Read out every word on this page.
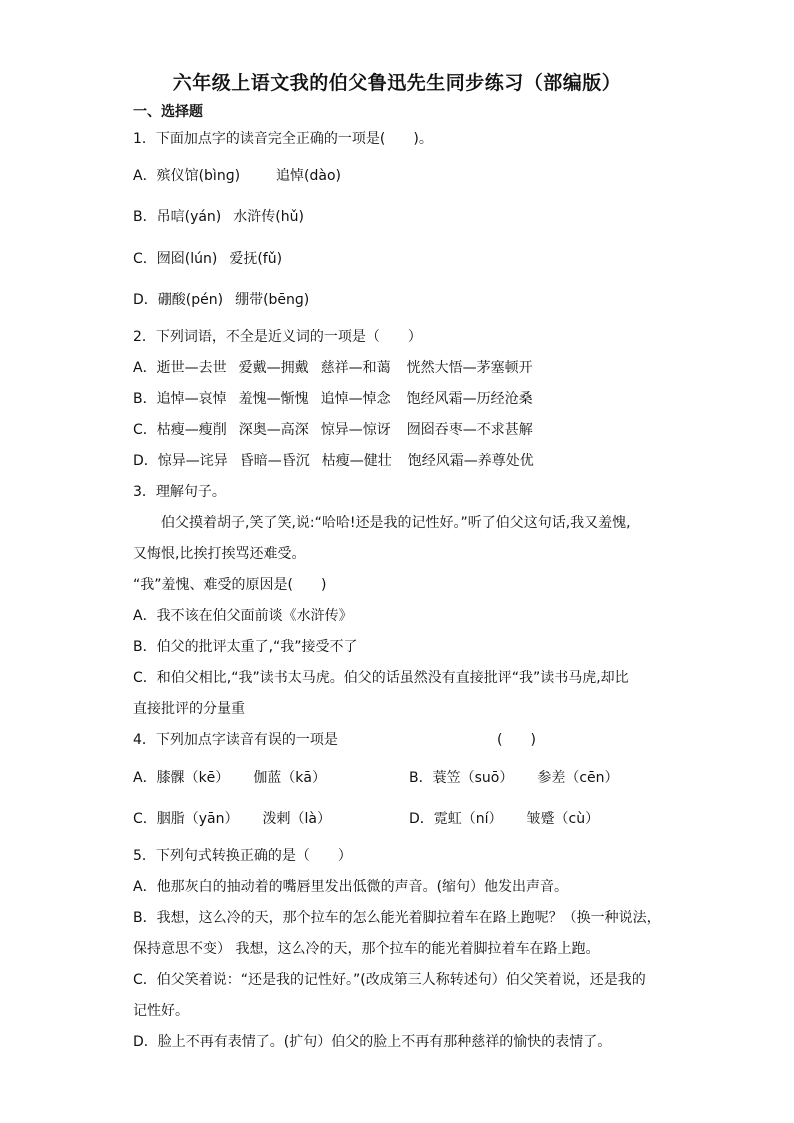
六年级上语文我的伯父鲁迅先生同步练习（部编版）
一、选择题
1．下面加点字的读音完全正确的一项是(　　)。
A．殡仪馆(bìnɡ)	追悼(dào)
B．吊唁(yán) 水浒传(hǔ)
C．囫囵(lún) 爱抚(fǔ)
D．硼酸(pén) 绷带(bēnɡ)
2．下列词语，不全是近义词的一项是（　　）
A．逝世—去世 爱戴—拥戴 慈祥—和蔼 恍然大悟—茅塞顿开
B．追悼—哀悼 羞愧—惭愧 追悼—悼念 饱经风霜—历经沧桑
C．枯瘦—瘦削 深奥—高深 惊异—惊讶 囫囵吞枣—不求甚解
D．惊异—诧异 昏暗—昏沉 枯瘦—健壮 饱经风霜—养尊处优
3．理解句子。
伯父摸着胡子,笑了笑,说:“哈哈!还是我的记性好。”听了伯父这句话,我又羞愧,
又悔恨,比挨打挨骂还难受。
“我”羞愧、难受的原因是(　　)
A．我不该在伯父面前谈《水浒传》
B．伯父的批评太重了,“我”接受不了
C．和伯父相比,“我”读书太马虎。伯父的话虽然没有直接批评“我”读书马虎,却比
直接批评的分量重
4．下列加点字读音有误的一项是	(　　)
A．膝髁（kē） 伽蓝（kā）	B．蓑笠（suō） 参差（cēn）
C．胭脂（yān） 泼剌（là）	D．霓虹（ní） 皱蹙（cù）
5．下列句式转换正确的是（　　）
A．他那灰白的抽动着的嘴唇里发出低微的声音。(缩句）他发出声音。
B．我想，这么冷的天，那个拉车的怎么能光着脚拉着车在路上跑呢？（换一种说法，
保持意思不变） 我想，这么冷的天，那个拉车的能光着脚拉着车在路上跑。
C．伯父笑着说：“还是我的记性好。”(改成第三人称转述句）伯父笑着说，还是我的
记性好。
D．脸上不再有表情了。(扩句）伯父的脸上不再有那种慈祥的愉快的表情了。
